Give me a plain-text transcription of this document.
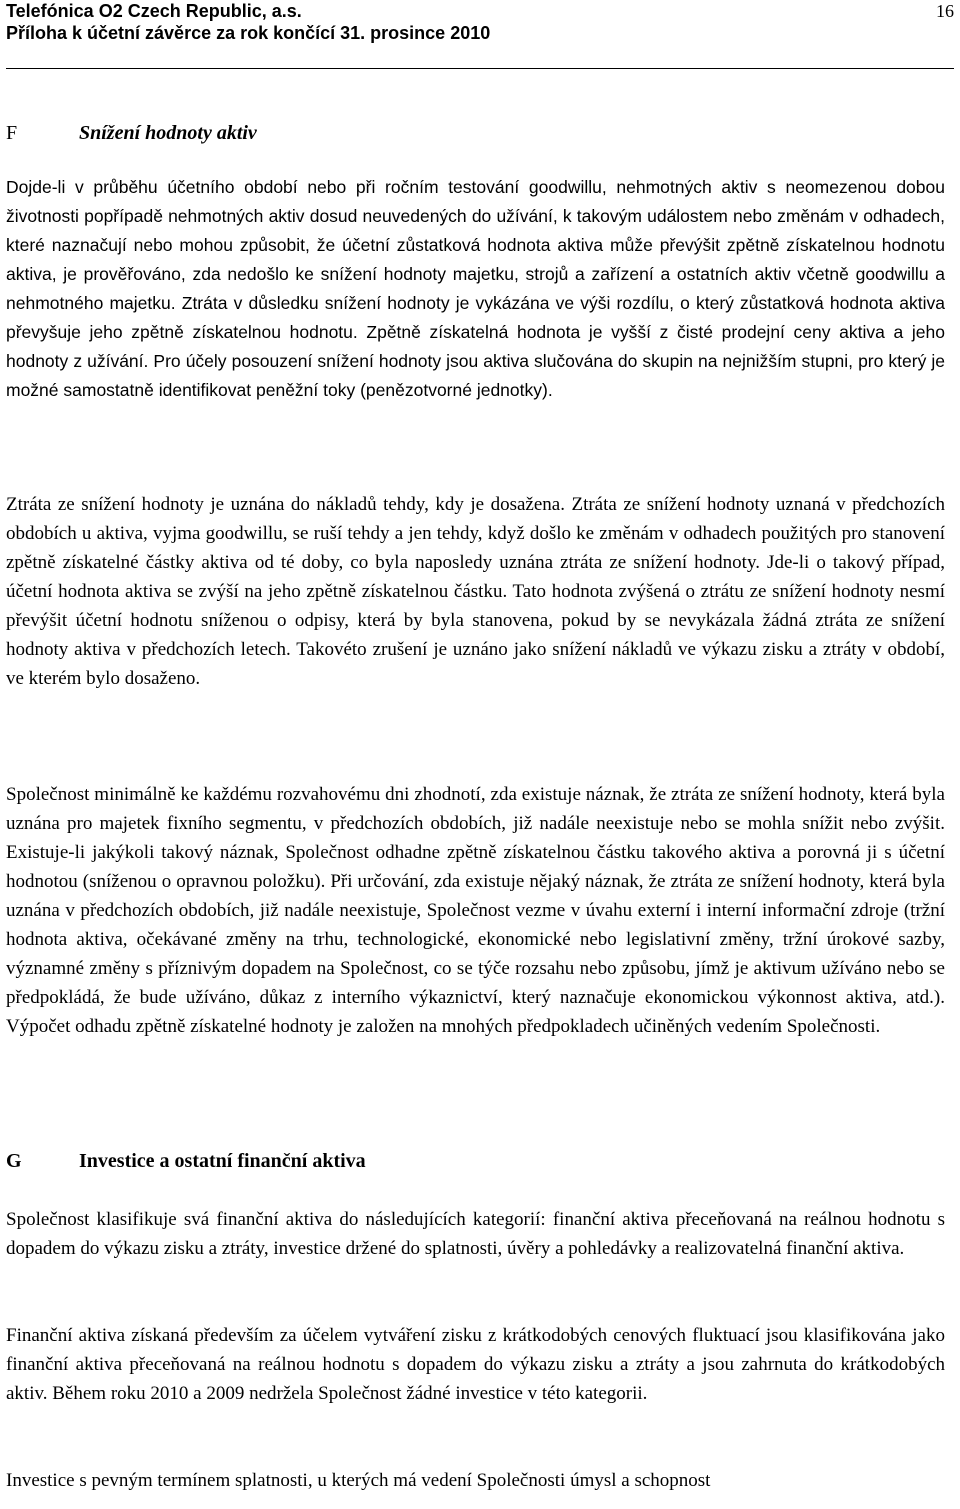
Telefónica O2 Czech Republic, a.s.

Příloha k účetní závěrce za rok končící 31. prosince 2010

16
F	Snížení hodnoty aktiv

Dojde-li v průběhu účetního období nebo při ročním testování goodwillu, nehmotných aktiv s neomezenou dobou životnosti popřípadě nehmotných aktiv dosud neuvedených do užívání, k takovým událostem nebo změnám v odhadech, které naznačují nebo mohou způsobit, že účetní zůstatková hodnota aktiva může převýšit zpětně získatelnou hodnotu aktiva, je prověřováno, zda nedošlo ke snížení hodnoty majetku, strojů a zařízení a ostatních aktiv včetně goodwillu a nehmotného majetku. Ztráta v důsledku snížení hodnoty je vykázána ve výši rozdílu, o který zůstatková hodnota aktiva převyšuje jeho zpětně získatelnou hodnotu. Zpětně získatelná hodnota je vyšší z čisté prodejní ceny aktiva a jeho hodnoty z užívání. Pro účely posouzení snížení hodnoty jsou aktiva slučována do skupin na nejnižším stupni, pro který je možné samostatně identifikovat peněžní toky (penězotvorné jednotky).

Ztráta ze snížení hodnoty je uznána do nákladů tehdy, kdy je dosažena. Ztráta ze snížení hodnoty uznaná v předchozích obdobích u aktiva, vyjma goodwillu, se ruší tehdy a jen tehdy, když došlo ke změnám v odhadech použitých pro stanovení zpětně získatelné částky aktiva od té doby, co byla naposledy uznána ztráta ze snížení hodnoty. Jde-li o takový případ, účetní hodnota aktiva se zvýší na jeho zpětně získatelnou částku. Tato hodnota zvýšená o ztrátu ze snížení hodnoty nesmí převýšit účetní hodnotu sníženou o odpisy, která by byla stanovena, pokud by se nevykázala žádná ztráta ze snížení hodnoty aktiva v předchozích letech. Takovéto zrušení je uznáno jako snížení nákladů ve výkazu zisku a ztráty v období, ve kterém bylo dosaženo.

Společnost minimálně ke každému rozvahovému dni zhodnotí, zda existuje náznak, že ztráta ze snížení hodnoty, která byla uznána pro majetek fixního segmentu, v předchozích obdobích, již nadále neexistuje nebo se mohla snížit nebo zvýšit. Existuje-li jakýkoli takový náznak, Společnost odhadne zpětně získatelnou částku takového aktiva a porovná ji s účetní hodnotou (sníženou o opravnou položku). Při určování, zda existuje nějaký náznak, že ztráta ze snížení hodnoty, která byla uznána v předchozích obdobích, již nadále neexistuje, Společnost vezme v úvahu externí i interní informační zdroje (tržní hodnota aktiva, očekávané změny na trhu, technologické, ekonomické nebo legislativní změny, tržní úrokové sazby, významné změny s příznivým dopadem na Společnost, co se týče rozsahu nebo způsobu, jímž je aktivum užíváno nebo se předpokládá, že bude užíváno, důkaz z interního výkaznictví, který naznačuje ekonomickou výkonnost aktiva, atd.). Výpočet odhadu zpětně získatelné hodnoty je založen na mnohých předpokladech učiněných vedením Společnosti.

G	Investice a ostatní finanční aktiva

Společnost klasifikuje svá finanční aktiva do následujících kategorií: finanční aktiva přeceňovaná na reálnou hodnotu s dopadem do výkazu zisku a ztráty, investice držené do splatnosti, úvěry a pohledávky a realizovatelná finanční aktiva.

Finanční aktiva získaná především za účelem vytváření zisku z krátkodobých cenových fluktuací jsou klasifikována jako finanční aktiva přeceňovaná na reálnou hodnotu s dopadem do výkazu zisku a ztráty a jsou zahrnuta do krátkodobých aktiv. Během roku 2010 a 2009 nedržela Společnost žádné investice v této kategorii.

Investice s pevným termínem splatnosti, u kterých má vedení Společnosti úmysl a schopnost
